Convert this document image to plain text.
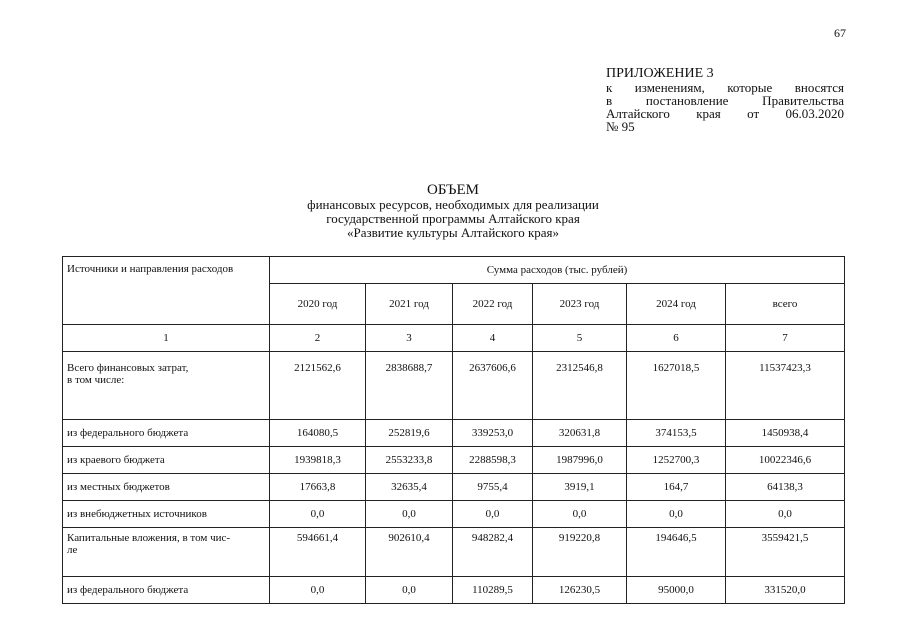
67
ПРИЛОЖЕНИЕ 3
к изменениям, которые вносятся
в постановление Правительства
Алтайского края от 06.03.2020
№ 95
ОБЪЕМ
финансовых ресурсов, необходимых для реализации
государственной программы Алтайского края
«Развитие культуры Алтайского края»
Источники и направления расходов	Сумма расходов (тыс. рублей)					
	2020 год	2021 год	2022 год	2023 год	2024 год	всего
1	2	3	4	5	6	7
Всего финансовых затрат,
в том числе:	2121562,6	2838688,7	2637606,6	2312546,8	1627018,5	11537423,3
из федерального бюджета	164080,5	252819,6	339253,0	320631,8	374153,5	1450938,4
из краевого бюджета	1939818,3	2553233,8	2288598,3	1987996,0	1252700,3	10022346,6
из местных бюджетов	17663,8	32635,4	9755,4	3919,1	164,7	64138,3
из внебюджетных источников	0,0	0,0	0,0	0,0	0,0	0,0
Капитальные вложения, в том чис-
ле	594661,4	902610,4	948282,4	919220,8	194646,5	3559421,5
из федерального бюджета	0,0	0,0	110289,5	126230,5	95000,0	331520,0
